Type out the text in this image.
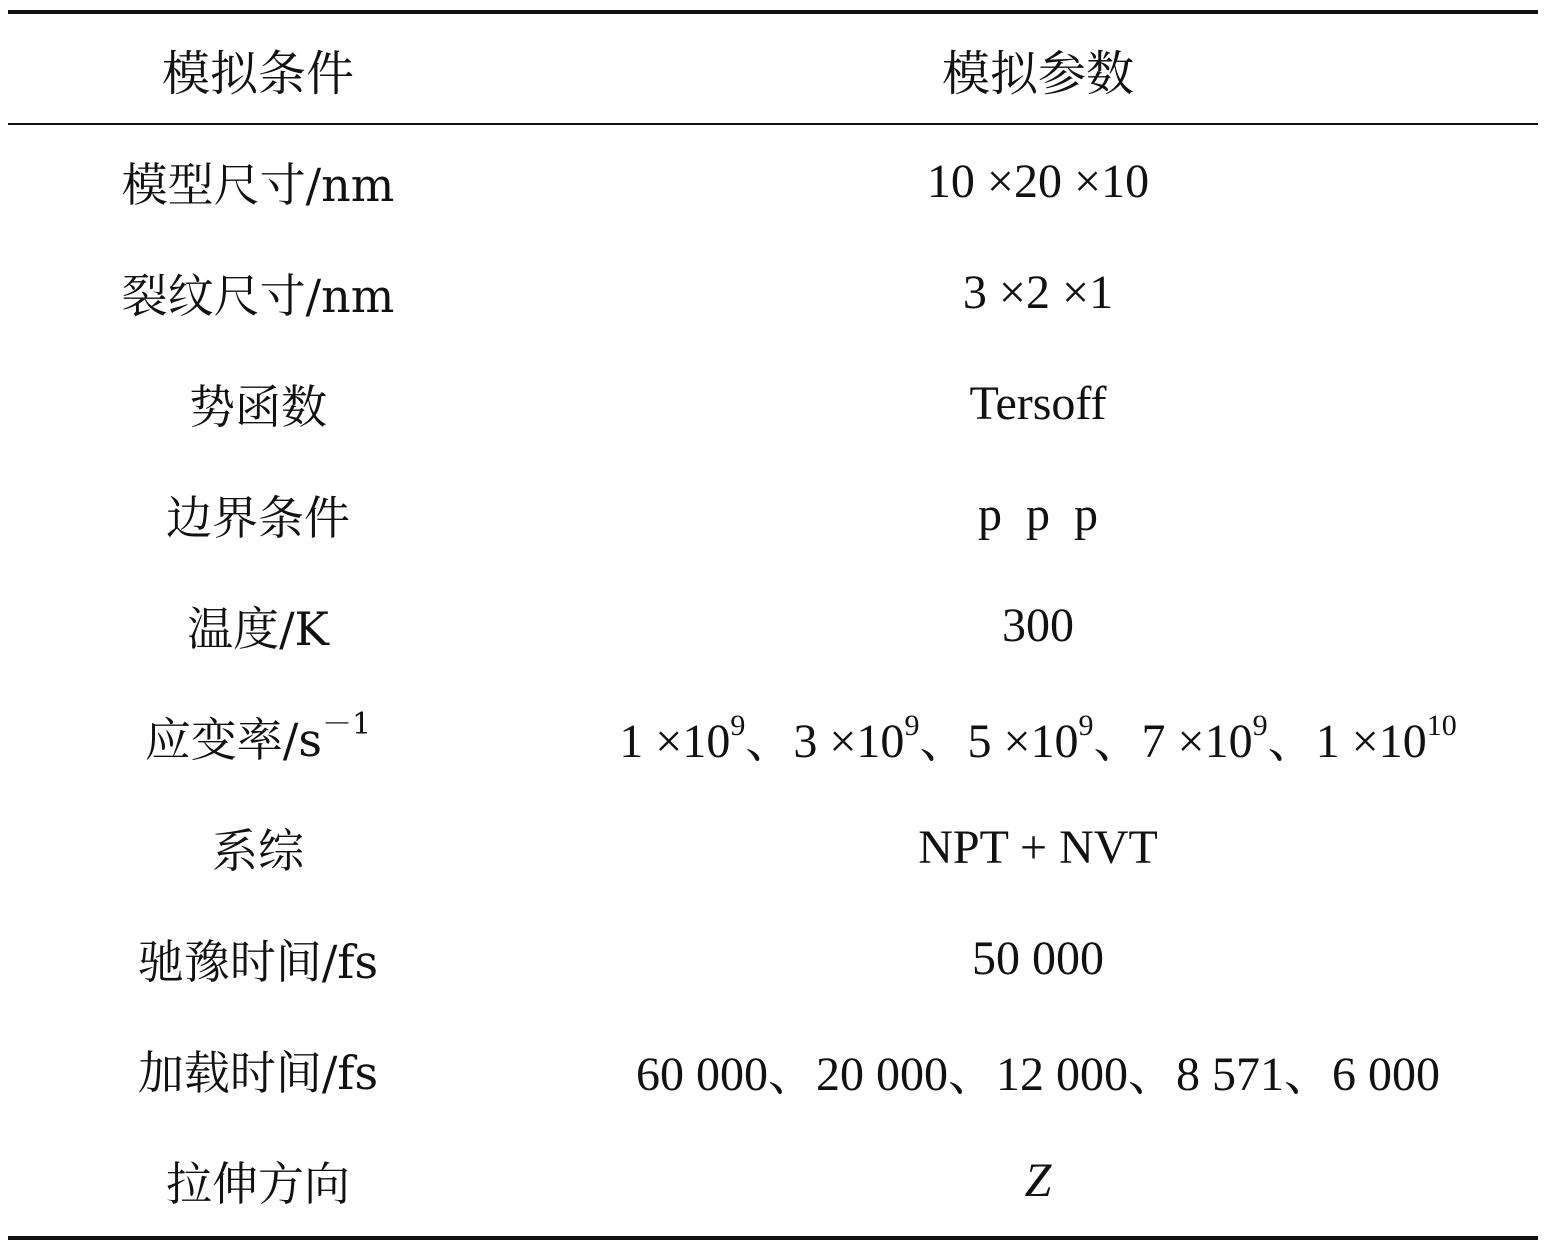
模拟条件	模拟参数
模型尺寸/nm	10 ×20 ×10
裂纹尺寸/nm	3 ×2 ×1
势函数	Tersoff
边界条件	p  p  p
温度/K	300
应变率$/s^{-1}$	$1 \times 10^9$、$3 \times 10^9$、$5 \times 10^9$、$7 \times 10^9$、$1 \times 10^{10}$
系综	NPT + NVT
驰豫时间/fs	50 000
加载时间/fs	60 000、20 000、12 000、8 571、6 000
拉伸方向	Z
